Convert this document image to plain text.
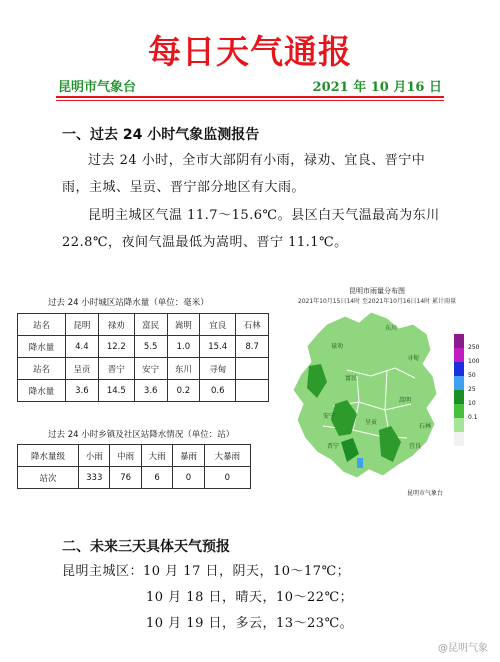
每日天气通报
昆明市气象台	2021 年 10 月16 日
一、过去 24 小时气象监测报告
过去 24 小时，全市大部阴有小雨，禄劝、宜良、晋宁中雨，主城、呈贡、晋宁部分地区有大雨。
昆明主城区气温 11.7～15.6℃。县区白天气温最高为东川 22.8℃，夜间气温最低为嵩明、晋宁 11.1℃。
过去 24 小时城区站降水量（单位：毫米）
站名	昆明	禄劝	富民	嵩明	宜良	石林
降水量	4.4	12.2	5.5	1.0	15.4	8.7
站名	呈贡	晋宁	安宁	东川	寻甸	
降水量	3.6	14.5	3.6	0.2	0.6	
过去 24 小时乡镇及社区站降水情况（单位：站）
降水量级	小雨	中雨	大雨	暴雨	大暴雨
站次	333	76	6	0	0
昆明市雨量分布图
2021年10月15日14时 至2021年10月16日14时 累计雨量
东川
禄劝
寻甸
嵩明
富民
宜良
安宁
晋宁
呈贡
石林
250
100
50
25
10
0.1
昆明市气象台
二、未来三天具体天气预报
昆明主城区：10 月 17 日，阴天，10～17℃；
10 月 18 日，晴天，10～22℃；
10 月 19 日，多云，13～23℃。
@昆明气象
